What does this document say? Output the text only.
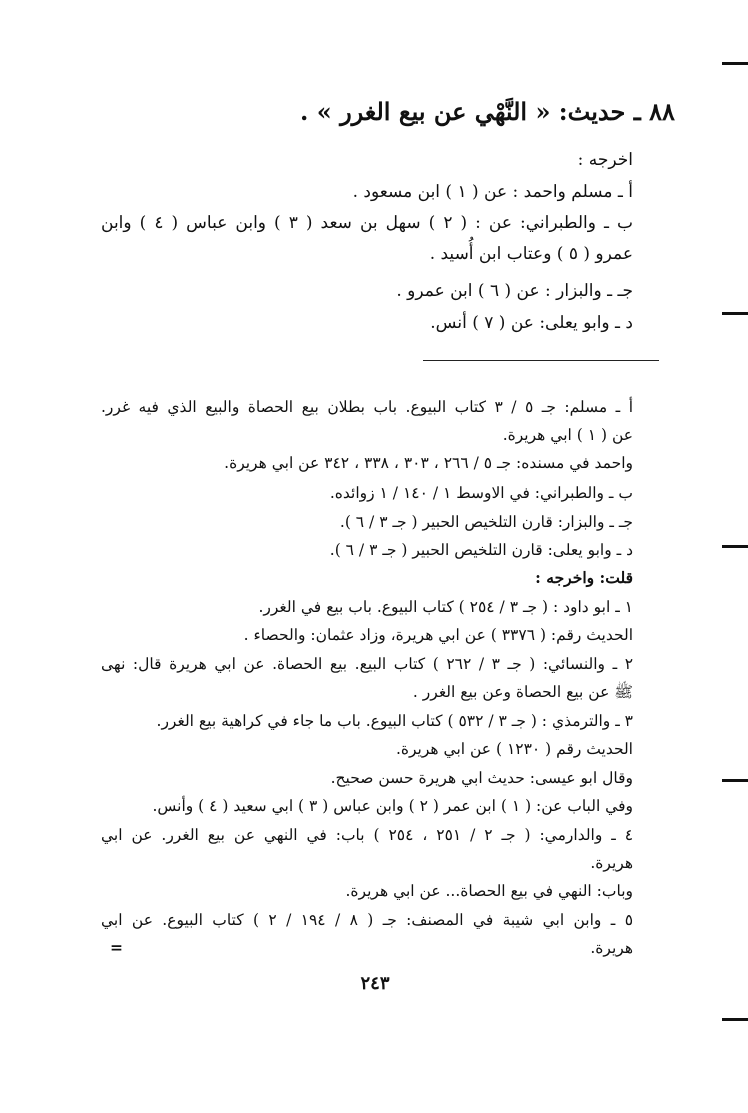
٨٨ ـ حديث: « النَّهْي عن بيع الغرر » .
اخرجه :
أ ـ مسلم واحمد : عن ( ١ ) ابن مسعود .
ب ـ والطبراني: عن : ( ٢ ) سهل بن سعد ( ٣ ) وابن عباس ( ٤ ) وابن
عمرو ( ٥ ) وعتاب ابن أُسيد .
جـ ـ والبزار : عن ( ٦ ) ابن عمرو .
د ـ وابو يعلى: عن ( ٧ ) أنس.
أ ـ مسلم: جـ ٥ / ٣ كتاب البيوع. باب بطلان بيع الحصاة والبيع الذي فيه غرر.
عن ( ١ ) ابي هريرة.
واحمد في مسنده: جـ ٥ / ٢٦٦ ، ٣٠٣ ، ٣٣٨ ، ٣٤٢ عن ابي هريرة.
ب ـ والطبراني: في الاوسط ١ / ١٤٠ / ١ زوائده.
جـ ـ والبزار: قارن التلخيص الحبير ( جـ ٣ / ٦ ).
د ـ وابو يعلى: قارن التلخيص الحبير ( جـ ٣ / ٦ ).
قلت: واخرجه :
١ ـ ابو داود : ( جـ ٣ / ٢٥٤ ) كتاب البيوع. باب بيع في الغرر.
الحديث رقم: ( ٣٣٧٦ ) عن ابي هريرة، وزاد عثمان: والحصاء .
٢ ـ والنسائي: ( جـ ٣ / ٢٦٢ ) كتاب البيع. بيع الحصاة. عن ابي هريرة قال: نهى
ﷺ عن بيع الحصاة وعن بيع الغرر .
٣ ـ والترمذي : ( جـ ٣ / ٥٣٢ ) كتاب البيوع. باب ما جاء في كراهية بيع الغرر.
الحديث رقم ( ١٢٣٠ ) عن ابي هريرة.
وقال ابو عيسى: حديث ابي هريرة حسن صحيح.
وفي الباب عن: ( ١ ) ابن عمر ( ٢ ) وابن عباس ( ٣ ) ابي سعيد ( ٤ ) وأنس.
٤ ـ والدارمي: ( جـ ٢ / ٢٥١ ، ٢٥٤ ) باب: في النهي عن بيع الغرر. عن ابي
هريرة.
وباب: النهي في بيع الحصاة... عن ابي هريرة.
٥ ـ وابن ابي شيبة في المصنف: جـ ( ٨ / ١٩٤ / ٢ ) كتاب البيوع. عن ابي
هريرة.
=
٢٤٣
